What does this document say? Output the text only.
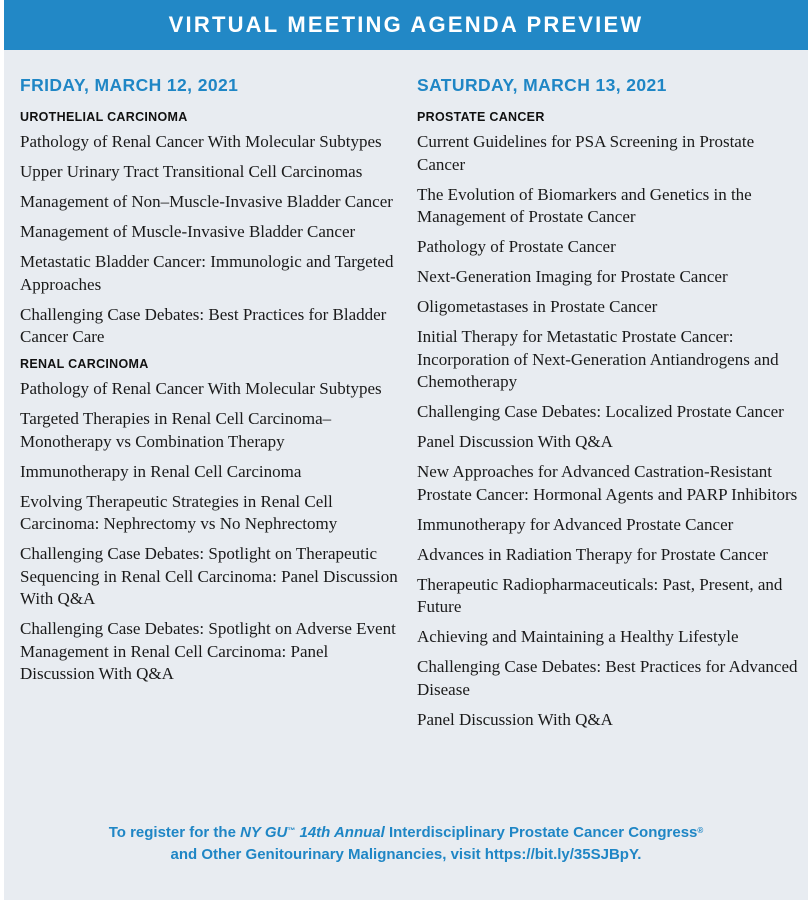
VIRTUAL MEETING AGENDA PREVIEW
FRIDAY, MARCH 12, 2021
UROTHELIAL CARCINOMA
Pathology of Renal Cancer With Molecular Subtypes
Upper Urinary Tract Transitional Cell Carcinomas
Management of Non–Muscle-Invasive Bladder Cancer
Management of Muscle-Invasive Bladder Cancer
Metastatic Bladder Cancer: Immunologic and Targeted Approaches
Challenging Case Debates: Best Practices for Bladder Cancer Care
RENAL CARCINOMA
Pathology of Renal Cancer With Molecular Subtypes
Targeted Therapies in Renal Cell Carcinoma–Monotherapy vs Combination Therapy
Immunotherapy in Renal Cell Carcinoma
Evolving Therapeutic Strategies in Renal Cell Carcinoma: Nephrectomy vs No Nephrectomy
Challenging Case Debates: Spotlight on Therapeutic Sequencing in Renal Cell Carcinoma: Panel Discussion With Q&A
Challenging Case Debates: Spotlight on Adverse Event Management in Renal Cell Carcinoma: Panel Discussion With Q&A
SATURDAY, MARCH 13, 2021
PROSTATE CANCER
Current Guidelines for PSA Screening in Prostate Cancer
The Evolution of Biomarkers and Genetics in the Management of Prostate Cancer
Pathology of Prostate Cancer
Next-Generation Imaging for Prostate Cancer
Oligometastases in Prostate Cancer
Initial Therapy for Metastatic Prostate Cancer: Incorporation of Next-Generation Antiandrogens and Chemotherapy
Challenging Case Debates: Localized Prostate Cancer
Panel Discussion With Q&A
New Approaches for Advanced Castration-Resistant Prostate Cancer: Hormonal Agents and PARP Inhibitors
Immunotherapy for Advanced Prostate Cancer
Advances in Radiation Therapy for Prostate Cancer
Therapeutic Radiopharmaceuticals: Past, Present, and Future
Achieving and Maintaining a Healthy Lifestyle
Challenging Case Debates: Best Practices for Advanced Disease
Panel Discussion With Q&A
To register for the NY GU™ 14th Annual Interdisciplinary Prostate Cancer Congress®
and Other Genitourinary Malignancies, visit https://bit.ly/35SJBpY.
